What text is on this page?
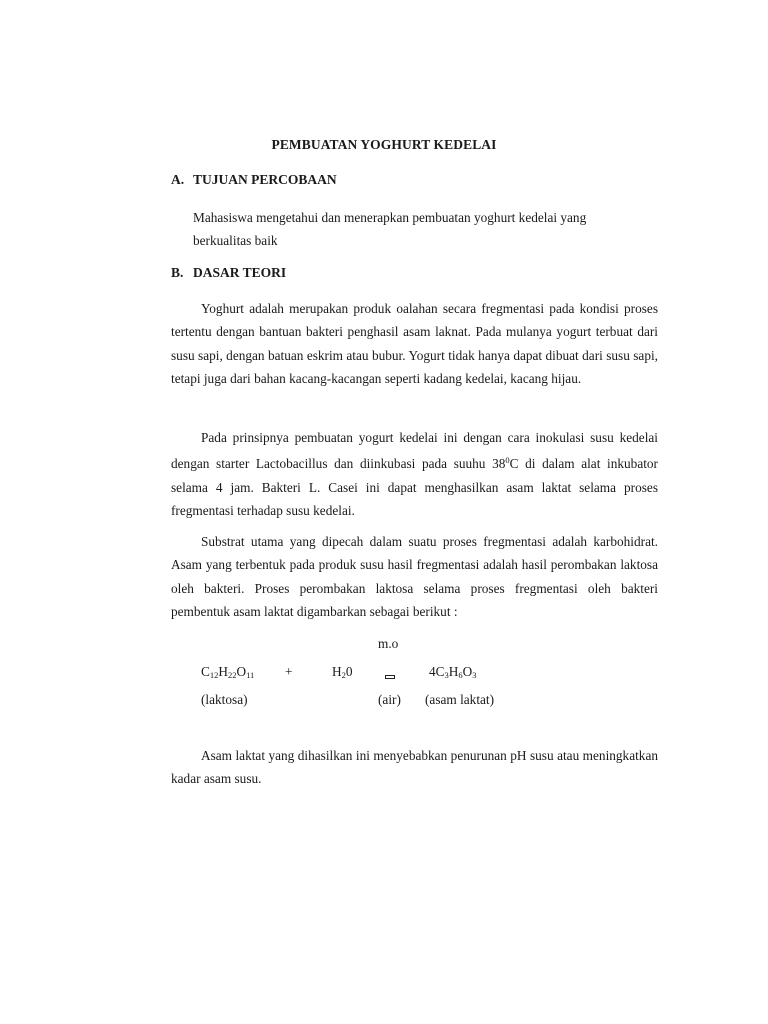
PEMBUATAN YOGHURT KEDELAI
A. TUJUAN PERCOBAAN

Mahasiswa mengetahui dan menerapkan pembuatan yoghurt kedelai yang

berkualitas baik

B. DASAR TEORI

Yoghurt adalah merupakan produk oalahan secara fregmentasi pada kondisi proses tertentu dengan bantuan bakteri penghasil asam laknat. Pada mulanya yogurt terbuat dari susu sapi, dengan batuan eskrim atau bubur. Yogurt tidak hanya dapat dibuat dari susu sapi, tetapi juga dari bahan kacang-kacangan seperti kadang kedelai, kacang hijau.

Pada prinsipnya pembuatan yogurt kedelai ini dengan cara inokulasi susu kedelai dengan starter Lactobacillus dan diinkubasi pada suuhu $38^0C$ di dalam alat inkubator selama 4 jam. Bakteri L. Casei ini dapat menghasilkan asam laktat selama proses fregmentasi terhadap susu kedelai.

Substrat utama yang dipecah dalam suatu proses fregmentasi adalah karbohidrat. Asam yang terbentuk pada produk susu hasil fregmentasi adalah hasil perombakan laktosa oleh bakteri. Proses perombakan laktosa selama proses fregmentasi oleh bakteri pembentuk asam laktat digambarkan sebagai berikut :

m.o
$C_{12}H_{22}O_{11}$ +	$H_20$	$4C_3H_6O_3$
(laktosa)	(air) (asam laktat)

Asam laktat yang dihasilkan ini menyebabkan penurunan pH susu atau meningkatkan kadar asam susu.
